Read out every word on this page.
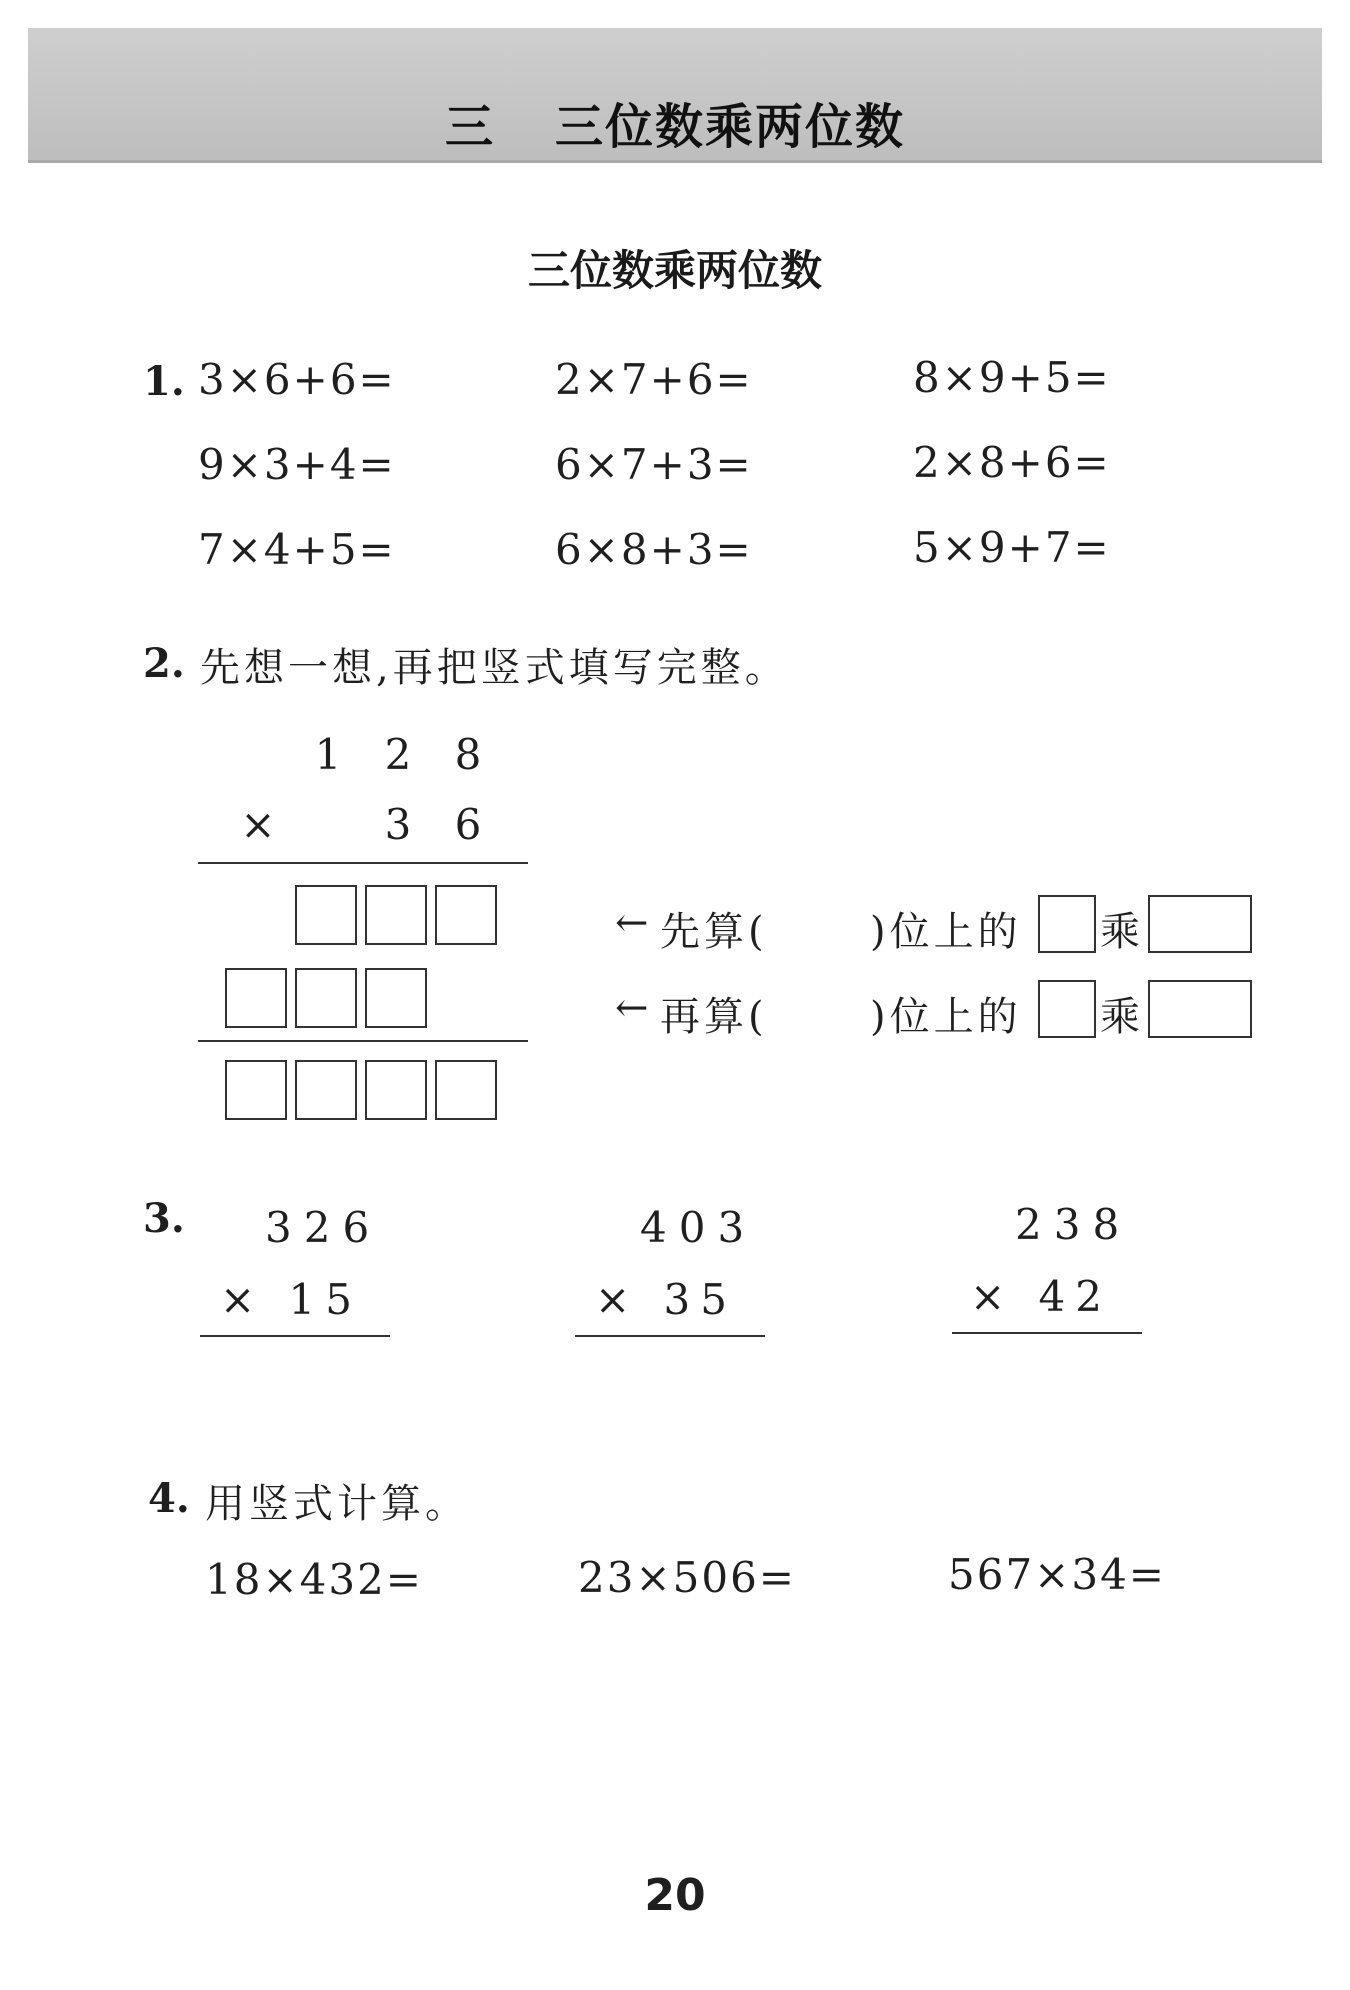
三 三位数乘两位数
三位数乘两位数
1. 3×6+6=	2×7+6=	8×9+5=
9×3+4=	6×7+3=	2×8+6=
7×4+5=	6×8+3=	5×9+7=
2. 先想一想,再把竖式填写完整。
1 2 8
×	3 6
← 先算(	)位上的 乘
← 再算(	)位上的 乘
3. 326
× 15
403
× 35
238
× 42
4. 用竖式计算。
18×432=	23×506=	567×34=
20
